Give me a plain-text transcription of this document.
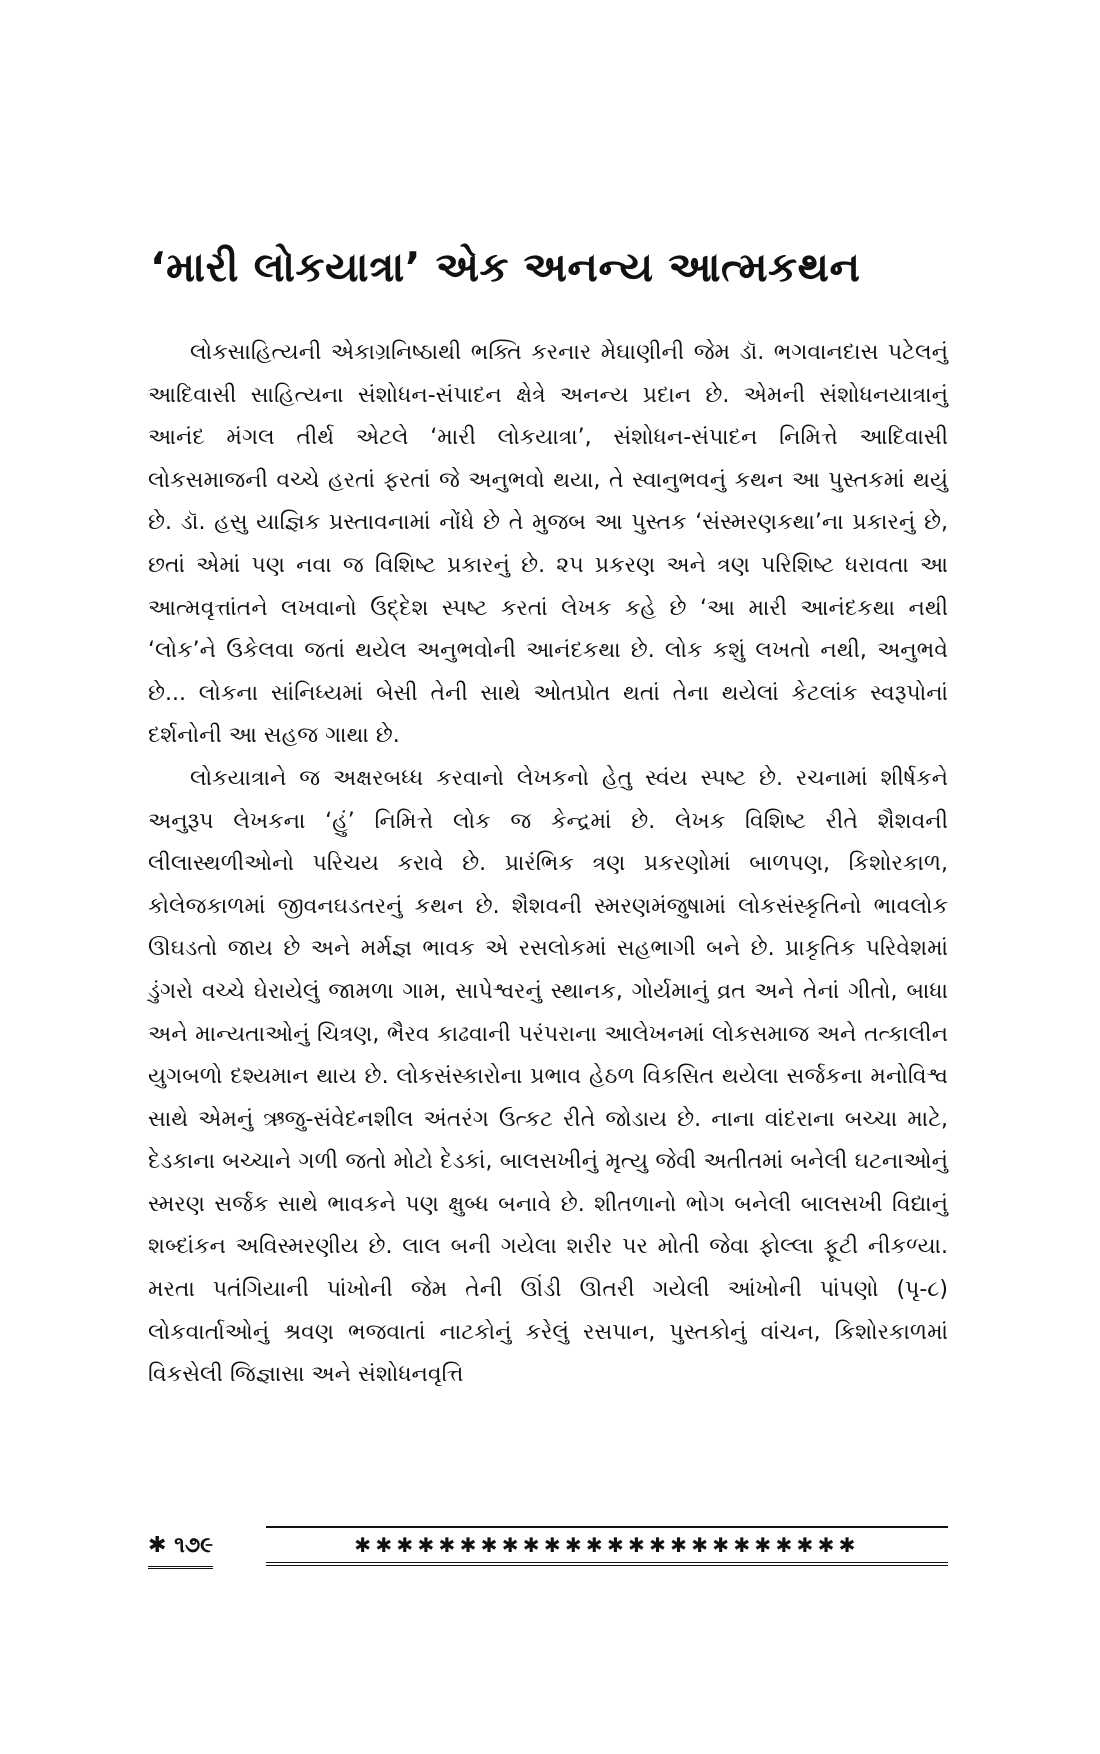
‘મારી લોકયાત્રા’ એક અનન્ય આત્મકથન

લોકસાહિત્યની એકાગ્રનિષ્ઠાથી ભક્તિ કરનાર મેઘાણીની જેમ ડૉ. ભગવાનદાસ પટેલનું આદિવાસી સાહિત્યના સંશોધન-સંપાદન ક્ષેત્રે અનન્ય પ્રદાન છે. એમની સંશોધનયાત્રાનું આનંદ મંગલ તીર્થ એટલે ‘મારી લોકયાત્રા’, સંશોધન-સંપાદન નિમિત્તે આદિવાસી લોકસમાજની વચ્ચે હરતાં ફરતાં જે અનુભવો થયા, તે સ્વાનુભવનું કથન આ પુસ્તકમાં થયું છે. ડૉ. હસુ યાજ્ઞિક પ્રસ્તાવનામાં નોંધે છે તે મુજબ આ પુસ્તક ‘સંસ્મરણકથા’ના પ્રકારનું છે, છતાં એમાં પણ નવા જ વિશિષ્ટ પ્રકારનું છે. ૨૫ પ્રકરણ અને ત્રણ પરિશિષ્ટ ધરાવતા આ આત્મવૃત્તાંતને લખવાનો ઉદ્દેશ સ્પષ્ટ કરતાં લેખક કહે છે ‘આ મારી આનંદકથા નથી ‘લોક’ને ઉકેલવા જતાં થયેલ અનુભવોની આનંદકથા છે. લોક કશું લખતો નથી, અનુભવે છે... લોકના સાંનિધ્યમાં બેસી તેની સાથે ઓતપ્રોત થતાં તેના થયેલાં કેટલાંક સ્વરૂપોનાં દર્શનોની આ સહજ ગાથા છે.

લોકયાત્રાને જ અક્ષરબધ્ધ કરવાનો લેખકનો હેતુ સ્વંય સ્પષ્ટ છે. રચનામાં શીર્ષકને અનુરૂપ લેખકના ‘હું’ નિમિત્તે લોક જ કેન્દ્રમાં છે. લેખક વિશિષ્ટ રીતે શૈશવની લીલાસ્થળીઓનો પરિચય કરાવે છે. પ્રારંભિક ત્રણ પ્રકરણોમાં બાળપણ, કિશોરકાળ, કોલેજકાળમાં જીવનઘડતરનું કથન છે. શૈશવની સ્મરણમંજુષામાં લોકસંસ્કૃતિનો ભાવલોક ઊઘડતો જાય છે અને મર્મજ્ઞ ભાવક એ રસલોકમાં સહભાગી બને છે. પ્રાકૃતિક પરિવેશમાં ડુંગરો વચ્ચે ઘેરાયેલું જામળા ગામ, સાપેશ્વરનું સ્થાનક, ગોર્યમાનું વ્રત અને તેનાં ગીતો, બાધા અને માન્યતાઓનું ચિત્રણ, ભૈરવ કાઢવાની પરંપરાના આલેખનમાં લોકસમાજ અને તત્કાલીન યુગબળો દશ્યમાન થાય છે. લોકસંસ્કારોના પ્રભાવ હેઠળ વિકસિત થયેલા સર્જકના મનોવિશ્વ સાથે એમનું ઋજુ-સંવેદનશીલ અંતરંગ ઉત્કટ રીતે જોડાય છે. નાના વાંદરાના બચ્ચા માટે, દેડકાના બચ્ચાને ગળી જતો મોટો દેડકાં, બાલસખીનું મૃત્યુ જેવી અતીતમાં બનેલી ઘટનાઓનું સ્મરણ સર્જક સાથે ભાવકને પણ ક્ષુબ્ધ બનાવે છે. શીતળાનો ભોગ બનેલી બાલસખી વિદ્યાનું શબ્દાંકન અવિસ્મરણીય છે. લાલ બની ગયેલા શરીર પર મોતી જેવા ફોલ્લા ફૂટી નીકળ્યા. મરતા પતંગિયાની પાંખોની જેમ તેની ઊંડી ઊતરી ગયેલી આંખોની પાંપણો (પૃ-૮) લોકવાર્તાઓનું શ્રવણ ભજવાતાં નાટકોનું કરેલું રસપાન, પુસ્તકોનું વાંચન, કિશોરકાળમાં વિકસેલી જિજ્ઞાસા અને સંશોધનવૃત્તિ

✱ ૧૭૯	✱✱✱✱✱✱✱✱✱✱✱✱✱✱✱✱✱✱✱✱✱✱✱✱
